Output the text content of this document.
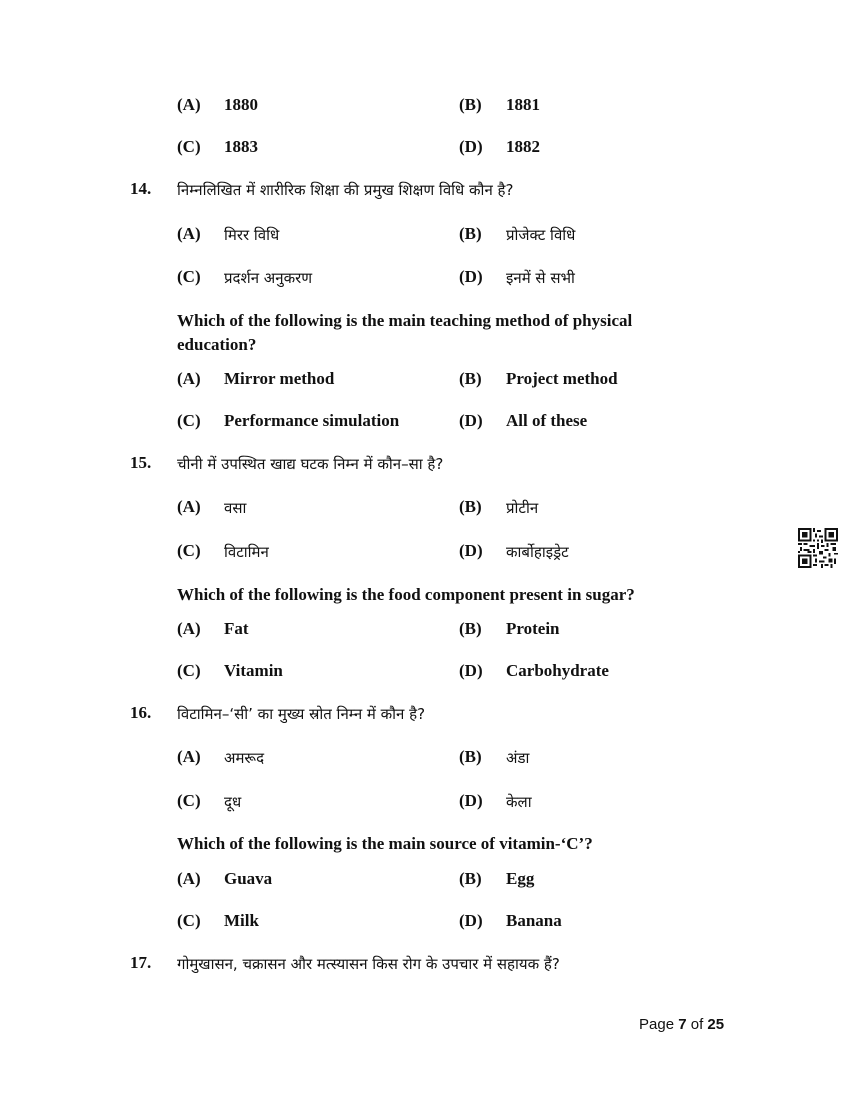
(A) 1880	(B) 1881
(C) 1883	(D) 1882
14. निम्नलिखित में शारीरिक शिक्षा की प्रमुख शिक्षण विधि कौन है?
(A) मिरर विधि	(B) प्रोजेक्ट विधि
(C) प्रदर्शन अनुकरण	(D) इनमें से सभी
Which of the following is the main teaching method of physical
education?
(A) Mirror method	(B) Project method
(C) Performance simulation	(D) All of these
15. चीनी में उपस्थित खाद्य घटक निम्न में कौन–सा है?
(A) वसा	(B) प्रोटीन
(C) विटामिन	(D) कार्बोहाइड्रेट
Which of the following is the food component present in sugar?
(A) Fat	(B) Protein
(C) Vitamin	(D) Carbohydrate
16. विटामिन–‘सी’ का मुख्य स्रोत निम्न में कौन है?
(A) अमरूद	(B) अंडा
(C) दूध	(D) केला
Which of the following is the main source of vitamin-‘C’?
(A) Guava	(B) Egg
(C) Milk	(D) Banana
17. गोमुखासन, चक्रासन और मत्स्यासन किस रोग के उपचार में सहायक हैं?
Page 7 of 25
